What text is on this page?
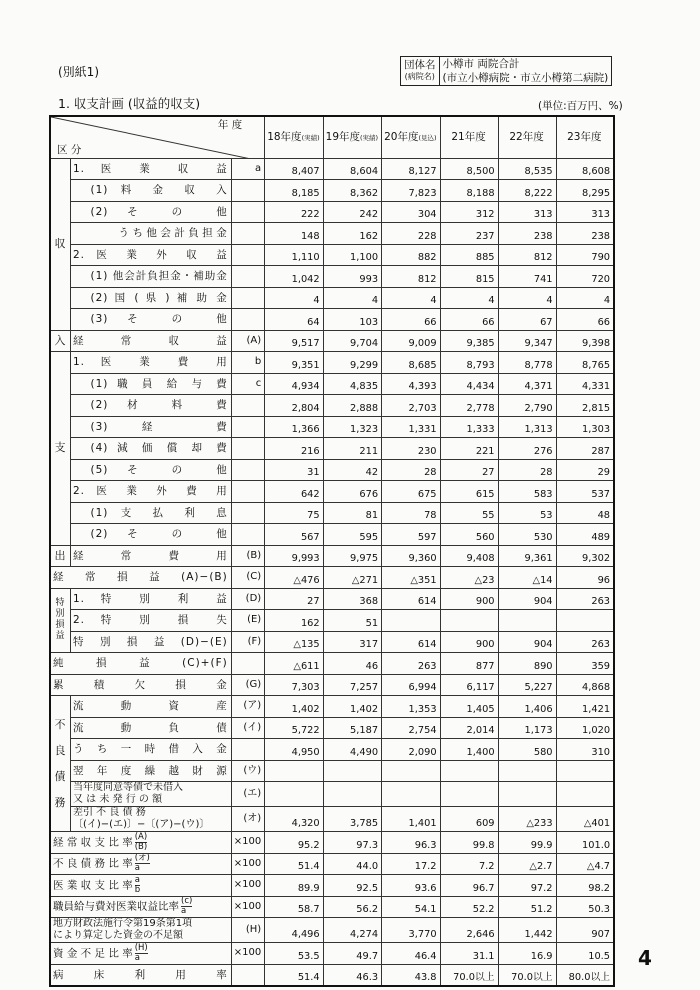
(別紙1)	団体名
(病院名)
	小樽市 両院合計
(市立小樽病院・市立小樽第二病院)
1. 収支計画 (収益的収支)	(単位:百万円、%)
年 度
区 分				18年度(実績)	19年度(実績)	20年度(見込)	21年度	22年度	23年度
収	1. 医 業 収 益		a	8,407	8,604	8,127	8,500	8,535	8,608
		(1) 料 金 収 入		8,185	8,362	7,823	8,188	8,222	8,295
		(2) そ の 他		222	242	304	312	313	313
		うち他会計負担金		148	162	228	237	238	238
	2. 医 業 外 収 益			1,110	1,100	882	885	812	790
		(1) 他会計負担金・補助金		1,042	993	812	815	741	720
		(2) 国 ( 県 ) 補 助 金		4	4	4	4	4	4
		(3) そ の 他		64	103	66	66	67	66
入	経 常 収 益		(A)	9,517	9,704	9,009	9,385	9,347	9,398
支	1. 医 業 費 用		b	9,351	9,299	8,685	8,793	8,778	8,765
		(1) 職 員 給 与 費	c	4,934	4,835	4,393	4,434	4,371	4,331
		(2) 材 料 費		2,804	2,888	2,703	2,778	2,790	2,815
		(3) 経 費		1,366	1,323	1,331	1,333	1,313	1,303
		(4) 減 価 償 却 費		216	211	230	221	276	287
		(5) そ の 他		31	42	28	27	28	29
	2. 医 業 外 費 用			642	676	675	615	583	537
		(1) 支 払 利 息		75	81	78	55	53	48
		(2) そ の 他		567	595	597	560	530	489
出	経 常 費 用		(B)	9,993	9,975	9,360	9,408	9,361	9,302
経 常 損 益 (A)−(B)			(C)	△476	△271	△351	△23	△14	96
特別損益	1. 特 別 利 益		(D)	27	368	614	900	904	263
	2. 特 別 損 失		(E)	162	51				
	特 別 損 益 (D)−(E)		(F)	△135	317	614	900	904	263
純 損 益 (C)+(F)				△611	46	263	877	890	359
累 積 欠 損 金			(G)	7,303	7,257	6,994	6,117	5,227	4,868
不良債務	流 動 資 産		(ア)	1,402	1,402	1,353	1,405	1,406	1,421
	流 動 負 債		(イ)	5,722	5,187	2,754	2,014	1,173	1,020
	う ち 一 時 借 入 金			4,950	4,490	2,090	1,400	580	310
	翌 年 度 繰 越 財 源		(ウ)						

	当年度同意等債で未借入
又 は 未 発 行 の 額		(エ)						

	差引 不 良 債 務
〔(イ)−(エ)〕−〔(ア)−(ウ)〕		(オ)	4,320	3,785	1,401	609	△233	△401
経 常 収 支 比 率 $\frac{(A)}{(B)}$			×100	95.2	97.3	96.3	99.8	99.9	101.0
不 良 債 務 比 率 $\frac{\text{(オ)}}{a}$			×100	51.4	44.0	17.2	7.2	△2.7	△4.7
医 業 収 支 比 率 $\frac{a}{b}$			×100	89.9	92.5	93.6	96.7	97.2	98.2
職員給与費対医業収益比率 $\frac{(c)}{a}$			×100	58.7	56.2	54.1	52.2	51.2	50.3

地方財政法施行令第19条第1項
により算定した資金の不足額			(H)	4,496	4,274	3,770	2,646	1,442	907
資 金 不 足 比 率 $\frac{(H)}{a}$			×100	53.5	49.7	46.4	31.1	16.9	10.5
病 床 利 用 率				51.4	46.3	43.8	70.0以上	70.0以上	80.0以上
4
